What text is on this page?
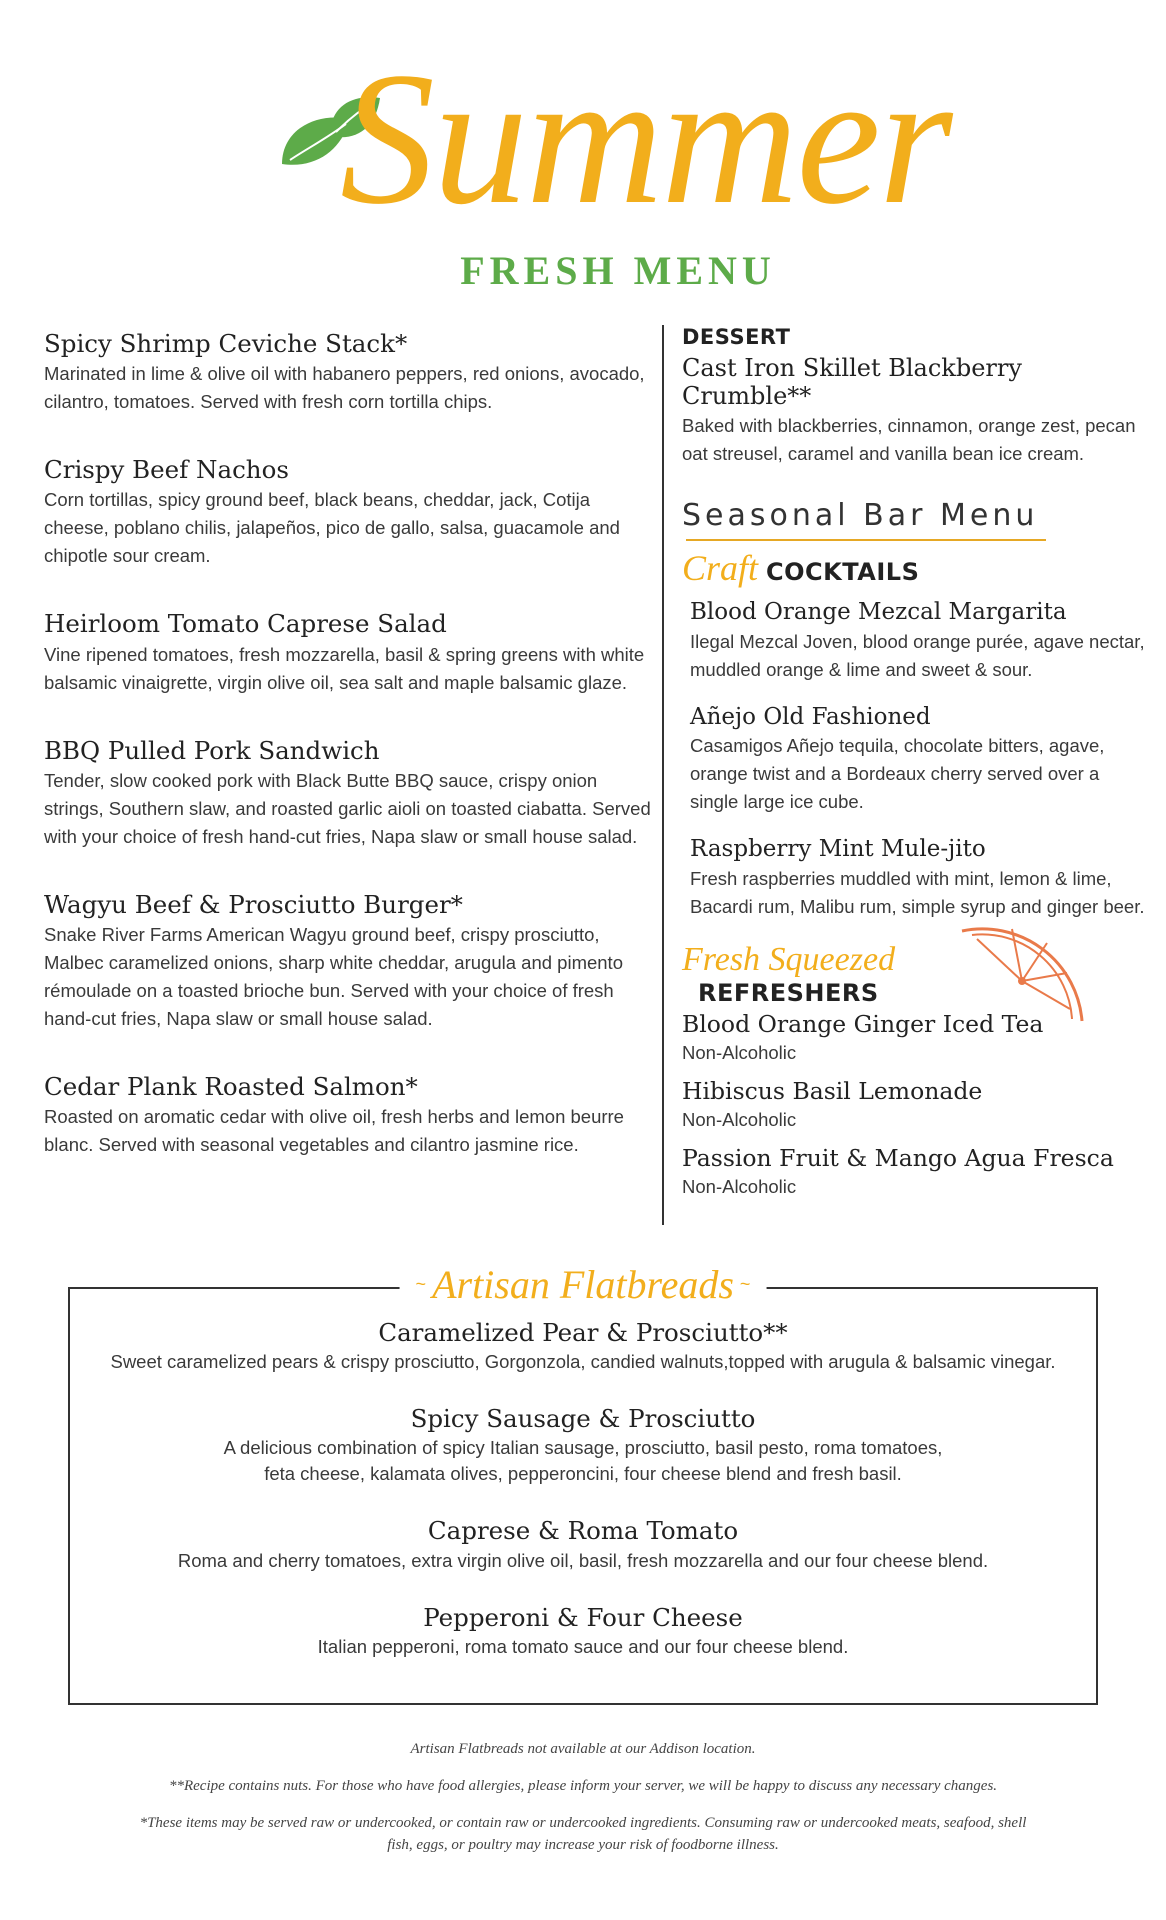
Summer
FRESH MENU
Spicy Shrimp Ceviche Stack*
Marinated in lime & olive oil with habanero peppers, red onions, avocado, cilantro, tomatoes. Served with fresh corn tortilla chips.
Crispy Beef Nachos
Corn tortillas, spicy ground beef, black beans, cheddar, jack, Cotija cheese, poblano chilis, jalapeños, pico de gallo, salsa, guacamole and chipotle sour cream.
Heirloom Tomato Caprese Salad
Vine ripened tomatoes, fresh mozzarella, basil & spring greens with white balsamic vinaigrette, virgin olive oil, sea salt and maple balsamic glaze.
BBQ Pulled Pork Sandwich
Tender, slow cooked pork with Black Butte BBQ sauce, crispy onion strings, Southern slaw, and roasted garlic aioli on toasted ciabatta. Served with your choice of fresh hand-cut fries, Napa slaw or small house salad.
Wagyu Beef & Prosciutto Burger*
Snake River Farms American Wagyu ground beef, crispy prosciutto, Malbec caramelized onions, sharp white cheddar, arugula and pimento rémoulade on a toasted brioche bun. Served with your choice of fresh hand-cut fries, Napa slaw or small house salad.
Cedar Plank Roasted Salmon*
Roasted on aromatic cedar with olive oil, fresh herbs and lemon beurre blanc. Served with seasonal vegetables and cilantro jasmine rice.
DESSERT
Cast Iron Skillet Blackberry Crumble**
Baked with blackberries, cinnamon, orange zest, pecan oat streusel, caramel and vanilla bean ice cream.
Seasonal Bar Menu
Craft COCKTAILS
Blood Orange Mezcal Margarita
Ilegal Mezcal Joven, blood orange purée, agave nectar, muddled orange & lime and sweet & sour.
Añejo Old Fashioned
Casamigos Añejo tequila, chocolate bitters, agave, orange twist and a Bordeaux cherry served over a single large ice cube.
Raspberry Mint Mule-jito
Fresh raspberries muddled with mint, lemon & lime, Bacardi rum, Malibu rum, simple syrup and ginger beer.
Fresh Squeezed
REFRESHERS
Blood Orange Ginger Iced Tea
Non-Alcoholic
Hibiscus Basil Lemonade
Non-Alcoholic
Passion Fruit & Mango Agua Fresca
Non-Alcoholic
~ Artisan Flatbreads ~
Caramelized Pear & Prosciutto**
Sweet caramelized pears & crispy prosciutto, Gorgonzola, candied walnuts,topped with arugula & balsamic vinegar.
Spicy Sausage & Prosciutto
A delicious combination of spicy Italian sausage, prosciutto, basil pesto, roma tomatoes, feta cheese, kalamata olives, pepperoncini, four cheese blend and fresh basil.
Caprese & Roma Tomato
Roma and cherry tomatoes, extra virgin olive oil, basil, fresh mozzarella and our four cheese blend.
Pepperoni & Four Cheese
Italian pepperoni, roma tomato sauce and our four cheese blend.
Artisan Flatbreads not available at our Addison location.
**Recipe contains nuts. For those who have food allergies, please inform your server, we will be happy to discuss any necessary changes.
*These items may be served raw or undercooked, or contain raw or undercooked ingredients. Consuming raw or undercooked meats, seafood, shell fish, eggs, or poultry may increase your risk of foodborne illness.
